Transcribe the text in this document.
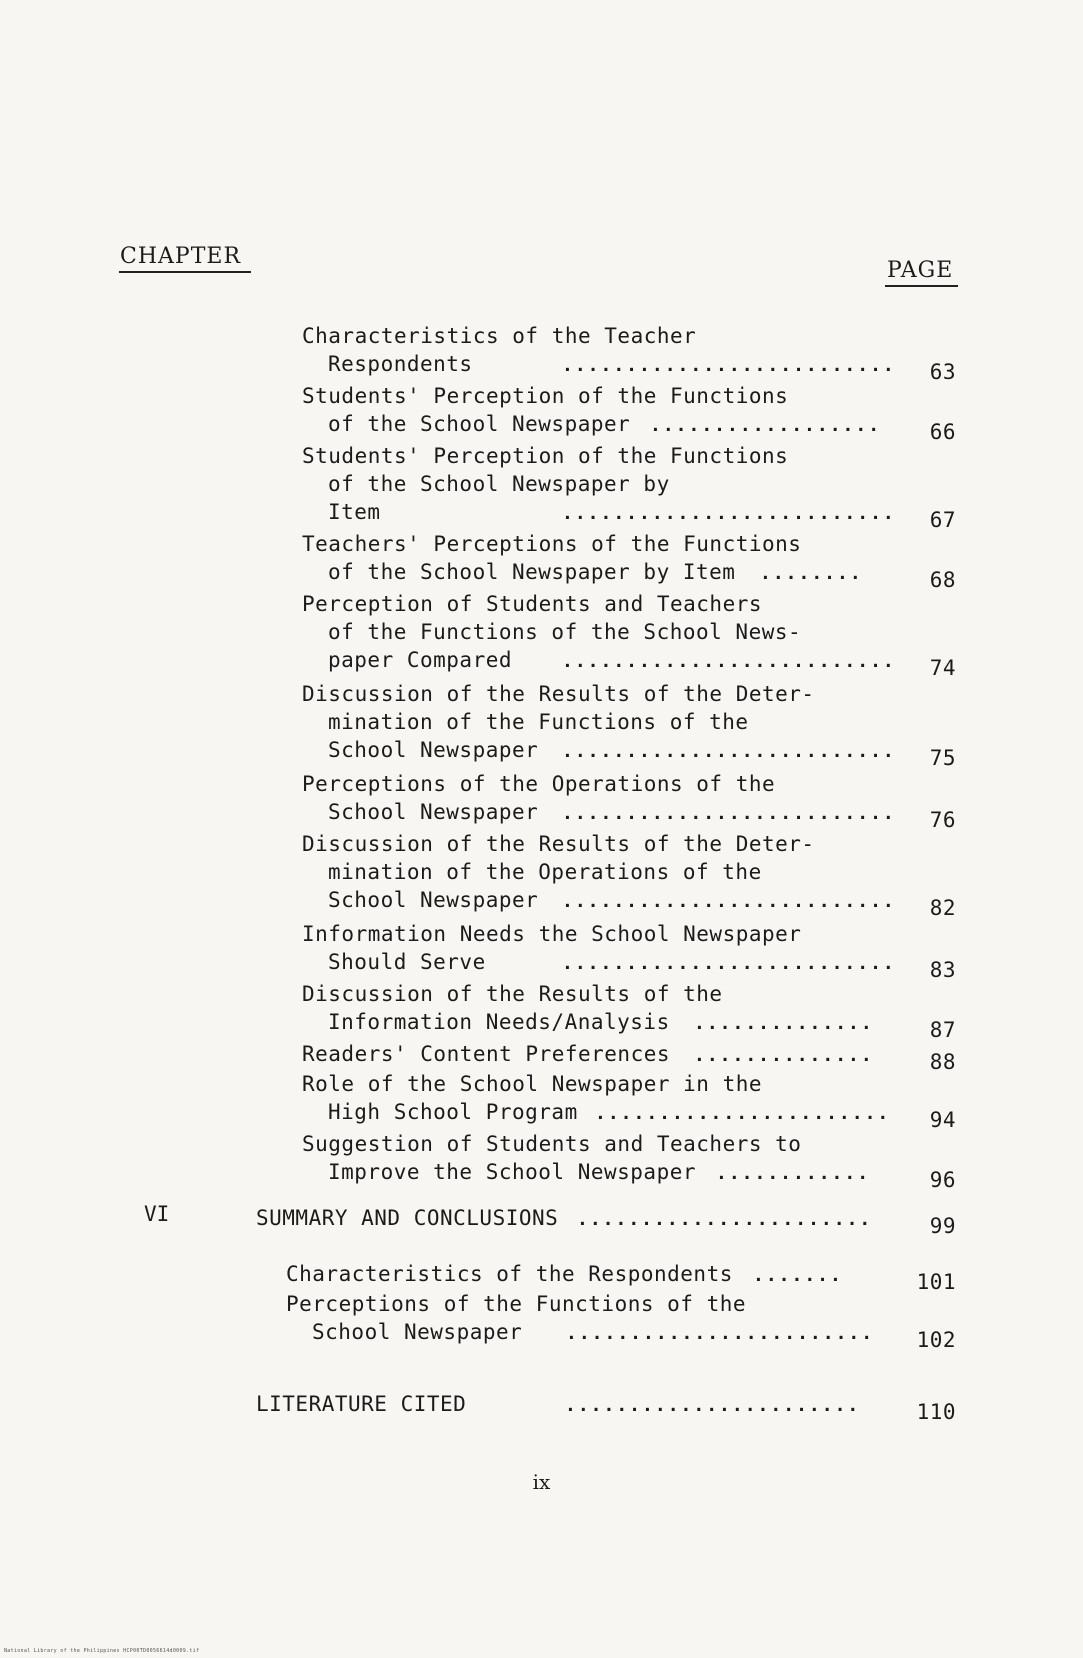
CHAPTER
PAGE
Characteristics of the Teacher
Respondents	..........................	63
Students' Perception of the Functions
of the School Newspaper ..................	66
Students' Perception of the Functions
of the School Newspaper by
Item	..........................	67
Teachers' Perceptions of the Functions
of the School Newspaper by Item ........	68
Perception of Students and Teachers
of the Functions of the School News-
paper Compared	..........................	74
Discussion of the Results of the Deter-
mination of the Functions of the
School Newspaper ..........................	75
Perceptions of the Operations of the
School Newspaper ..........................	76
Discussion of the Results of the Deter-
mination of the Operations of the
School Newspaper ..........................	82
Information Needs the School Newspaper
Should Serve	..........................	83
Discussion of the Results of the
Information Needs/Analysis ..............	87
Readers' Content Preferences ..............	88
Role of the School Newspaper in the
High School Program .......................	94
Suggestion of Students and Teachers to
Improve the School Newspaper ............	96
VI	SUMMARY AND CONCLUSIONS .......................	99
Characteristics of the Respondents .......	101
Perceptions of the Functions of the
School Newspaper ........................	102
LITERATURE CITED	.......................	110
ix
National Library of the Philippines HCP00TD0056614d0009.tif
